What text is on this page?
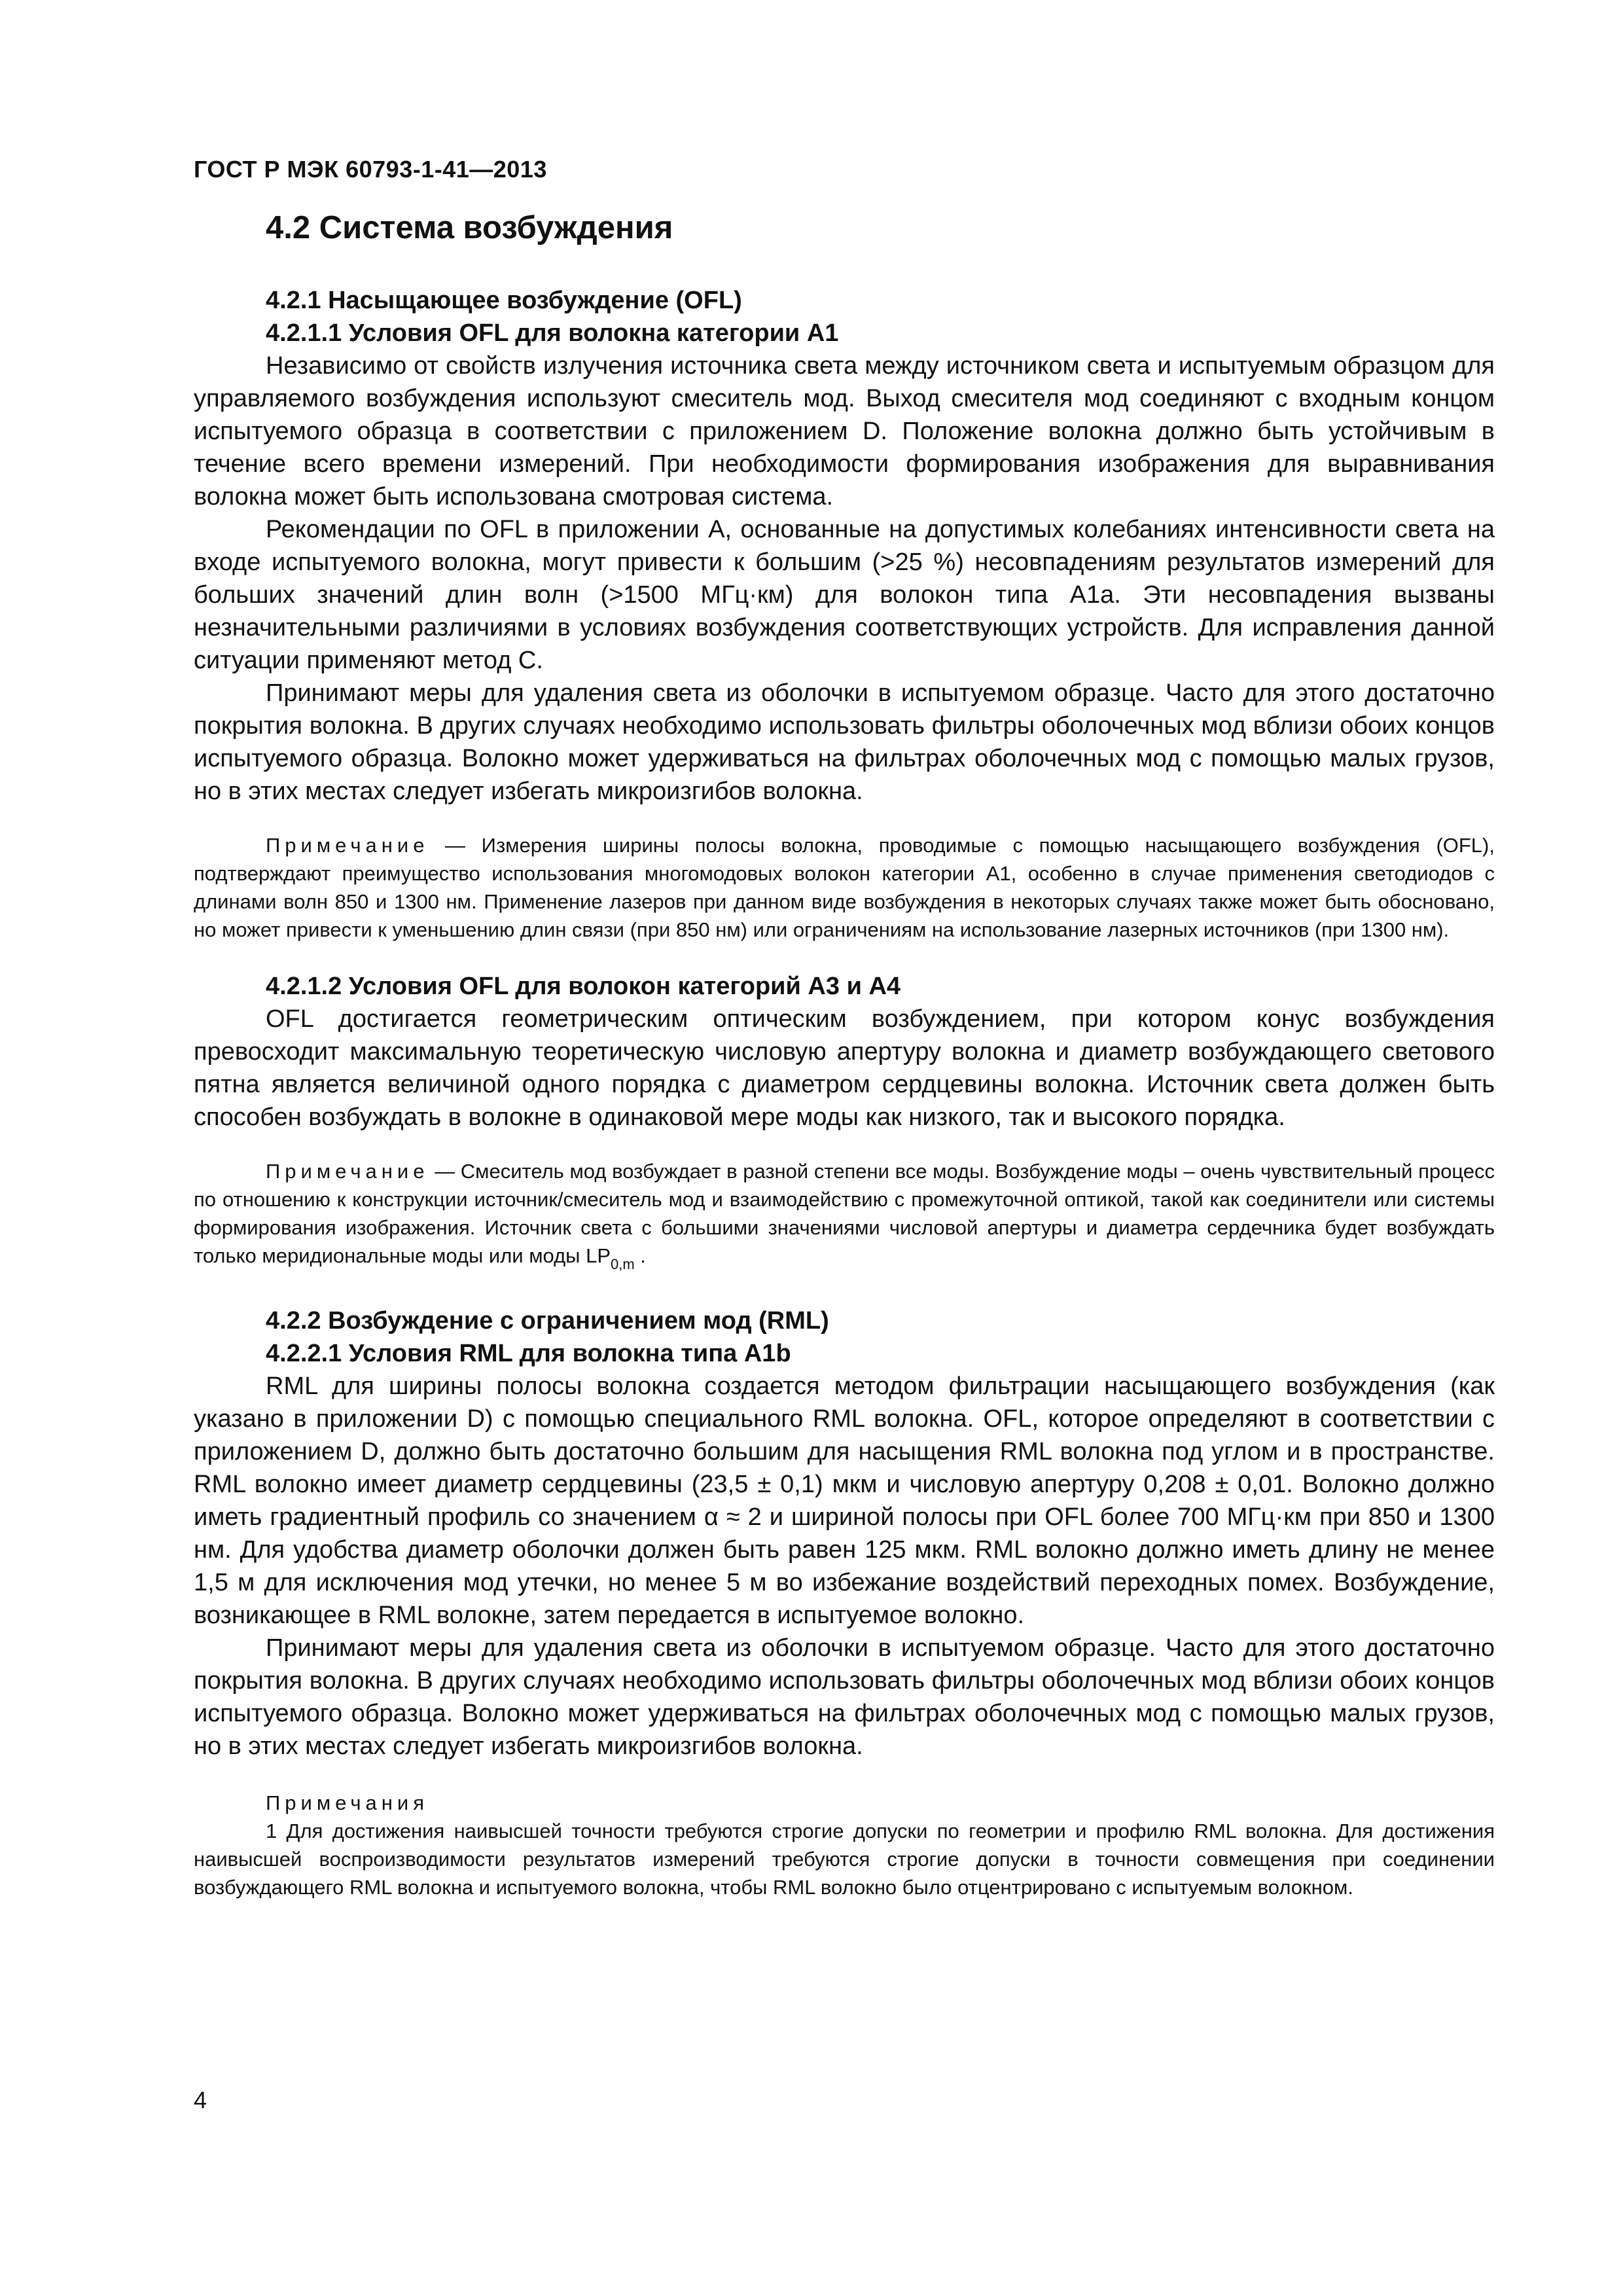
ГОСТ Р МЭК 60793-1-41—2013
4.2 Система возбуждения
4.2.1 Насыщающее возбуждение (OFL)
4.2.1.1 Условия OFL для волокна категории A1

Независимо от свойств излучения источника света между источником света и испытуемым образцом для управляемого возбуждения используют смеситель мод. Выход смесителя мод соединяют с входным концом испытуемого образца в соответствии с приложением D. Положение волокна должно быть устойчивым в течение всего времени измерений. При необходимости формирования изображения для выравнивания волокна может быть использована смотровая система.

Рекомендации по OFL в приложении A, основанные на допустимых колебаниях интенсивности света на входе испытуемого волокна, могут привести к большим (>25 %) несовпадениям результатов измерений для больших значений длин волн (>1500 МГц·км) для волокон типа A1a. Эти несовпадения вызваны незначительными различиями в условиях возбуждения соответствующих устройств. Для исправления данной ситуации применяют метод C.

Принимают меры для удаления света из оболочки в испытуемом образце. Часто для этого достаточно покрытия волокна. В других случаях необходимо использовать фильтры оболочечных мод вблизи обоих концов испытуемого образца. Волокно может удерживаться на фильтрах оболочечных мод с помощью малых грузов, но в этих местах следует избегать микроизгибов волокна.

Примечание — Измерения ширины полосы волокна, проводимые с помощью насыщающего возбуждения (OFL), подтверждают преимущество использования многомодовых волокон категории A1, особенно в случае применения светодиодов с длинами волн 850 и 1300 нм. Применение лазеров при данном виде возбуждения в некоторых случаях также может быть обосновано, но может привести к уменьшению длин связи (при 850 нм) или ограничениям на использование лазерных источников (при 1300 нм).

4.2.1.2 Условия OFL для волокон категорий A3 и A4

OFL достигается геометрическим оптическим возбуждением, при котором конус возбуждения превосходит максимальную теоретическую числовую апертуру волокна и диаметр возбуждающего светового пятна является величиной одного порядка с диаметром сердцевины волокна. Источник света должен быть способен возбуждать в волокне в одинаковой мере моды как низкого, так и высокого порядка.

Примечание — Смеситель мод возбуждает в разной степени все моды. Возбуждение моды – очень чувствительный процесс по отношению к конструкции источник/смеситель мод и взаимодействию с промежуточной оптикой, такой как соединители или системы формирования изображения. Источник света с большими значениями числовой апертуры и диаметра сердечника будет возбуждать только меридиональные моды или моды $LP_{0,m}$ .

4.2.2 Возбуждение с ограничением мод (RML)
4.2.2.1 Условия RML для волокна типа A1b

RML для ширины полосы волокна создается методом фильтрации насыщающего возбуждения (как указано в приложении D) с помощью специального RML волокна. OFL, которое определяют в соответствии с приложением D, должно быть достаточно большим для насыщения RML волокна под углом и в пространстве. RML волокно имеет диаметр сердцевины (23,5 ± 0,1) мкм и числовую апертуру 0,208 ± 0,01. Волокно должно иметь градиентный профиль со значением α ≈ 2 и шириной полосы при OFL более 700 МГц·км при 850 и 1300 нм. Для удобства диаметр оболочки должен быть равен 125 мкм. RML волокно должно иметь длину не менее 1,5 м для исключения мод утечки, но менее 5 м во избежание воздействий переходных помех. Возбуждение, возникающее в RML волокне, затем передается в испытуемое волокно.

Принимают меры для удаления света из оболочки в испытуемом образце. Часто для этого достаточно покрытия волокна. В других случаях необходимо использовать фильтры оболочечных мод вблизи обоих концов испытуемого образца. Волокно может удерживаться на фильтрах оболочечных мод с помощью малых грузов, но в этих местах следует избегать микроизгибов волокна.

Примечания

1 Для достижения наивысшей точности требуются строгие допуски по геометрии и профилю RML волокна. Для достижения наивысшей воспроизводимости результатов измерений требуются строгие допуски в точности совмещения при соединении возбуждающего RML волокна и испытуемого волокна, чтобы RML волокно было отцентрировано с испытуемым волокном.

4
